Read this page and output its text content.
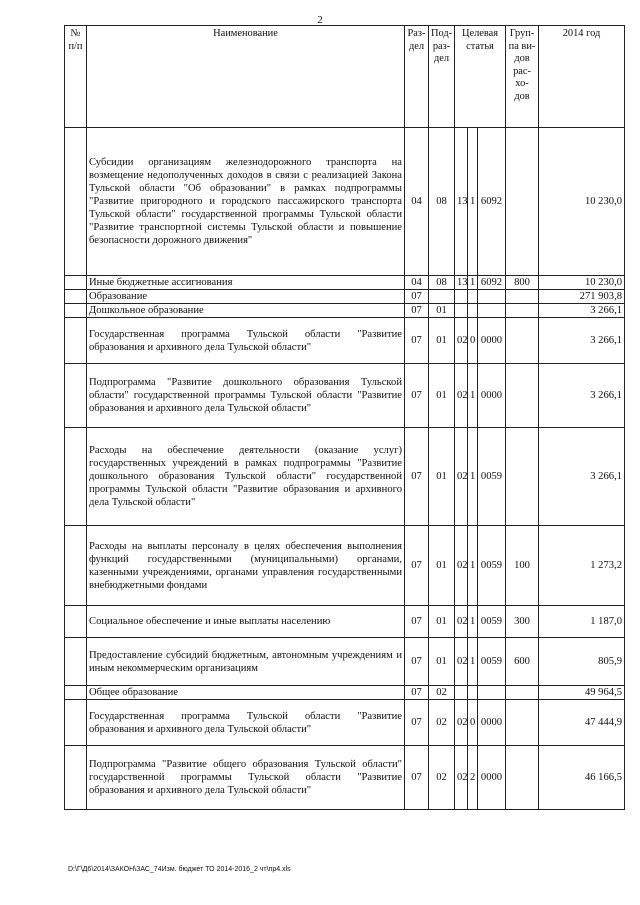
2
№ п/п	Наименование	Раз-дел	Под-раз-дел	Целевая статья			Груп-па ви-дов рас-хо-дов	2014 год
	Субсидии организациям железнодорожного транспорта на возмещение недополученных доходов в связи с реализацией Закона Тульской области "Об образовании" в рамках подпрограммы "Развитие пригородного и городского пассажирского транспорта Тульской области" государственной программы Тульской области "Развитие транспортной системы Тульской области и повышение безопасности дорожного движения"	04	08	13	1	6092		10 230,0
	Иные бюджетные ассигнования	04	08	13	1	6092	800	10 230,0
	Образование	07						271 903,8
	Дошкольное образование	07	01					3 266,1
	Государственная программа Тульской области "Развитие образования и архивного дела Тульской области"	07	01	02	0	0000		3 266,1
	Подпрограмма "Развитие дошкольного образования Тульской области" государственной программы Тульской области "Развитие образования и архивного дела Тульской области"	07	01	02	1	0000		3 266,1
	Расходы на обеспечение деятельности (оказание услуг) государственных учреждений в рамках подпрограммы "Развитие дошкольного образования Тульской области" государственной программы Тульской области "Развитие образования и архивного дела Тульской области"	07	01	02	1	0059		3 266,1
	Расходы на выплаты персоналу в целях обеспечения выполнения функций государственными (муниципальными) органами, казенными учреждениями, органами управления государственными внебюджетными фондами	07	01	02	1	0059	100	1 273,2
	Социальное обеспечение и иные выплаты населению	07	01	02	1	0059	300	1 187,0
	Предоставление субсидий бюджетным, автономным учреждениям и иным некоммерческим организациям	07	01	02	1	0059	600	805,9
	Общее образование	07	02					49 964,5
	Государственная программа Тульской области "Развитие образования и архивного дела Тульской области"	07	02	02	0	0000		47 444,9
	Подпрограмма "Развитие общего образования Тульской области" государственной программы Тульской области "Развитие образования и архивного дела Тульской области"	07	02	02	2	0000		46 166,5
D:\Г\Д6\2014\ЗАКОН\ЗАС_74Изм. бюджет ТО 2014-2016_2 чт\пр4.xls
